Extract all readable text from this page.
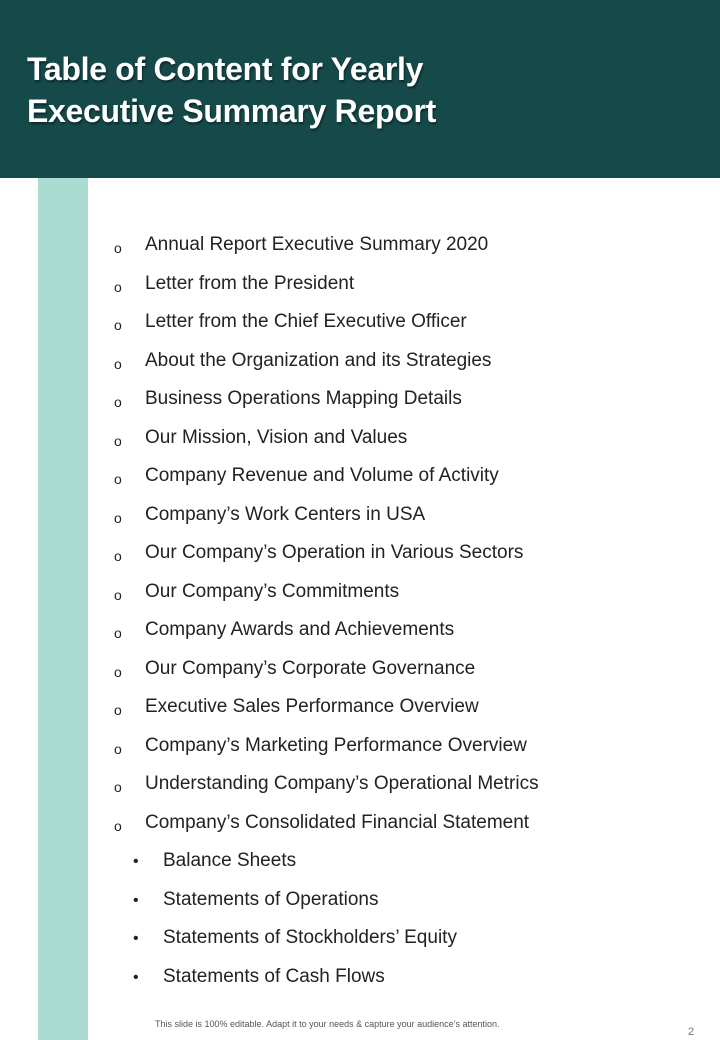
Table of Content for Yearly
Executive Summary Report
o Annual Report Executive Summary 2020
o Letter from the President
o Letter from the Chief Executive Officer
o About the Organization and its Strategies
o Business Operations Mapping Details
o Our Mission, Vision and Values
o Company Revenue and Volume of Activity
o Company’s Work Centers in USA
o Our Company’s Operation in Various Sectors
o Our Company’s Commitments
o Company Awards and Achievements
o Our Company’s Corporate Governance
o Executive Sales Performance Overview
o Company’s Marketing Performance Overview
o Understanding Company’s Operational Metrics
o Company’s Consolidated Financial Statement
• Balance Sheets
• Statements of Operations
• Statements of Stockholders’ Equity
• Statements of Cash Flows
This slide is 100% editable. Adapt it to your needs & capture your audience’s attention.
2
